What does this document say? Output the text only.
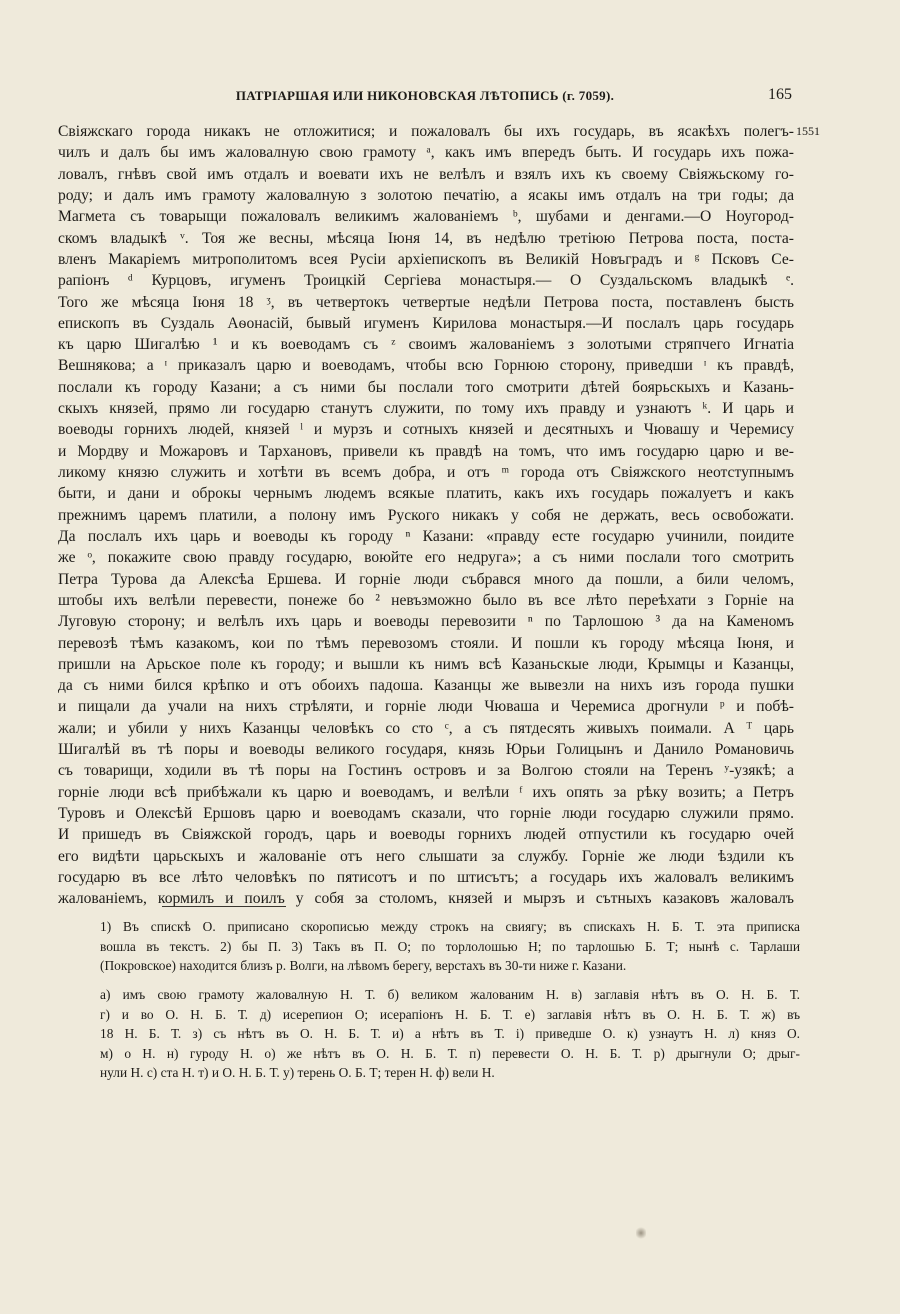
ПАТРІАРШАЯ ИЛИ НИКОНОВСКАЯ ЛѢТОПИСЬ (г. 7059).	165
1551
Свіяжскаго города никакъ не отложитися; и пожаловалъ бы ихъ государь, въ ясакѣхъ полегъ-
чилъ и далъ бы имъ жаловалную свою грамоту ᵃ, какъ имъ впередъ быть. И государь ихъ пожа-
ловалъ, гнѣвъ свой имъ отдалъ и воевати ихъ не велѣлъ и взялъ ихъ къ своему Свіяжьскому го-
роду; и далъ имъ грамоту жаловалную з золотою печатію, а ясакы имъ отдалъ на три годы; да
Магмета съ товарыщи пожаловалъ великимъ жалованіемъ ᵇ, шубами и денгами.—О Ноугород-
скомъ владыкѣ ᵛ. Тоя же весны, мѣсяца Іюня 14, въ недѣлю третіюю Петрова поста, поста-
вленъ Макаріемъ митрополитомъ всея Русіи архіепископъ въ Великій Новъградъ и ᵍ Псковъ Се-
рапіонъ ᵈ Курцовъ, игуменъ Троицкій Сергіева монастыря.— О Суздальскомъ владыкѣ ᵉ.
Того же мѣсяца Іюня 18 ᶾ, въ четвертокъ четвертые недѣли Петрова поста, поставленъ бысть
епископъ въ Суздаль Аѳонасій, бывый игуменъ Кирилова монастыря.—И послалъ царь государь
къ царю Шигалѣю ¹ и къ воеводамъ съ ᶻ своимъ жалованіемъ з золотыми стряпчего Игнатіа
Вешнякова; а ᶦ приказалъ царю и воеводамъ, чтобы всю Горнюю сторону, приведши ᶦ къ правдѣ,
послали къ городу Казани; а съ ними бы послали того смотрити дѣтей боярьскыхъ и Казань-
скыхъ князей, прямо ли государю станутъ служити, по тому ихъ правду и узнаютъ ᵏ. И царь и
воеводы горнихъ людей, князей ˡ и мурзъ и сотныхъ князей и десятныхъ и Чювашу и Черемису
и Мордву и Можаровъ и Тархановъ, привели къ правдѣ на томъ, что имъ государю царю и ве-
ликому князю служить и хотѣти въ всемъ добра, и отъ ᵐ города отъ Свіяжского неотступнымъ
быти, и дани и оброкы чернымъ людемъ всякые платить, какъ ихъ государь пожалуетъ и какъ
прежнимъ царемъ платили, а полону имъ Руского никакъ у собя не держать, весь освобожати.
Да послалъ ихъ царь и воеводы къ городу ⁿ Казани: «правду есте государю учинили, поидите
же ᵒ, покажите свою правду государю, воюйте его недруга»; а съ ними послали того смотрить
Петра Турова да Алексѣа Ершева. И горніе люди събрався много да пошли, а били челомъ,
штобы ихъ велѣли перевести, понеже бо ² невъзможно было въ все лѣто переѣхати з Горніе на
Луговую сторону; и велѣлъ ихъ царь и воеводы перевозити ⁿ по Тарлошою ³ да на Каменомъ
перевозѣ тѣмъ казакомъ, кои по тѣмъ перевозомъ стояли. И пошли къ городу мѣсяца Іюня, и
пришли на Арьское поле къ городу; и вышли къ нимъ всѣ Казаньскые люди, Крымцы и Казанцы,
да съ ними бился крѣпко и отъ обоихъ падоша. Казанцы же вывезли на нихъ изъ города пушки
и пищали да учали на нихъ стрѣляти, и горніе люди Чюваша и Черемиса дрогнули ᵖ и побѣ-
жали; и убили у нихъ Казанцы человѣкъ со сто ᶜ, а съ пятдесять живыхъ поимали. А ᵀ царь
Шигалѣй въ тѣ поры и воеводы великого государя, князь Юрьи Голицынъ и Данило Романовичь
съ товарищи, ходили въ тѣ поры на Гостинъ островъ и за Волгою стояли на Теренъ ʸ-узякѣ; а
горніе люди всѣ прибѣжали къ царю и воеводамъ, и велѣли ᶠ ихъ опять за рѣку возить; а Петръ
Туровъ и Олексѣй Ершовъ царю и воеводамъ сказали, что горніе люди государю служили прямо.
И пришедъ въ Свіяжской городъ, царь и воеводы горнихъ людей отпустили къ государю очей
его видѣти царьскыхъ и жалованіе отъ него слышати за службу. Горніе же люди ѣздили къ
государю въ все лѣто человѣкъ по пятисотъ и по штисътъ; а государь ихъ жаловалъ великимъ
жалованіемъ, кормилъ и поилъ у собя за столомъ, князей и мырзъ и сътныхъ казаковъ жаловалъ
1) Въ спискѣ О. приписано скорописью между строкъ на свиягу; въ спискахъ Н. Б. Т. эта приписка
вошла въ текстъ. 2) бы П. 3) Такъ въ П. О; по торлолошью Н; по тарлошью Б. Т; нынѣ с. Тарлаши
(Покровское) находится близъ р. Волги, на лѣвомъ берегу, верстахъ въ 30-ти ниже г. Казани.
а) имъ свою грамоту жаловалную Н. Т. б) великом жалованим Н. в) заглавія нѣтъ въ О. Н. Б. Т.
г) и во О. Н. Б. Т. д) исерепион О; исерапіонъ Н. Б. Т. е) заглавія нѣтъ въ О. Н. Б. Т. ж) въ
18 Н. Б. Т. з) съ нѣтъ въ О. Н. Б. Т. и) а нѣтъ въ Т. і) приведше О. к) узнаутъ Н. л) княз О.
м) о Н. н) гуроду Н. о) же нѣтъ въ О. Н. Б. Т. п) перевести О. Н. Б. Т. р) дрыгнули О; дрыг-
нули Н. с) ста Н. т) и О. Н. Б. Т. у) терень О. Б. Т; терен Н. ф) вели Н.
